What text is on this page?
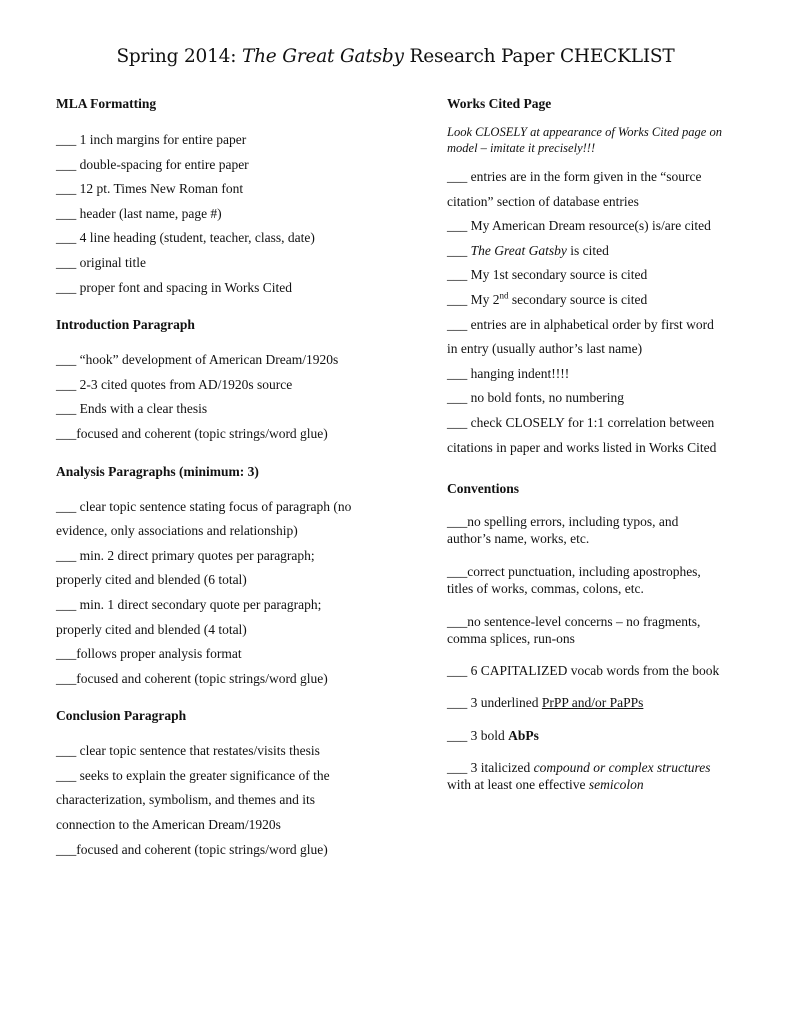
Spring 2014: The Great Gatsby Research Paper CHECKLIST

MLA Formatting

___ 1 inch margins for entire paper

___ double-spacing for entire paper

___ 12 pt. Times New Roman font

___ header (last name, page #)

___ 4 line heading (student, teacher, class, date)

___ original title

___ proper font and spacing in Works Cited

Introduction Paragraph

___ “hook” development of American Dream/1920s

___ 2-3 cited quotes from AD/1920s source

___ Ends with a clear thesis

___focused and coherent (topic strings/word glue)

Analysis Paragraphs (minimum: 3)

___ clear topic sentence stating focus of paragraph (no

evidence, only associations and relationship)

___ min. 2 direct primary quotes per paragraph;

properly cited and blended (6 total)

___ min. 1 direct secondary quote per paragraph;

properly cited and blended (4 total)

___follows proper analysis format

___focused and coherent (topic strings/word glue)

Conclusion Paragraph

___ clear topic sentence that restates/visits thesis

___ seeks to explain the greater significance of the

characterization, symbolism, and themes and its

connection to the American Dream/1920s

___focused and coherent (topic strings/word glue)

Works Cited Page

Look CLOSELY at appearance of Works Cited page on

model – imitate it precisely!!!

___ entries are in the form given in the “source

citation” section of database entries

___ My American Dream resource(s) is/are cited

___ The Great Gatsby is cited

___ My 1st secondary source is cited

___ My 2nd secondary source is cited

___ entries are in alphabetical order by first word

in entry (usually author’s last name)

___ hanging indent!!!!

___ no bold fonts, no numbering

___ check CLOSELY for 1:1 correlation between

citations in paper and works listed in Works Cited

Conventions

___no spelling errors, including typos, and

author’s name, works, etc.

___correct punctuation, including apostrophes,

titles of works, commas, colons, etc.

___no sentence-level concerns – no fragments,

comma splices, run-ons

___ 6 CAPITALIZED vocab words from the book

___ 3 underlined PrPP and/or PaPPs

___ 3 bold AbPs

___ 3 italicized compound or complex structures

with at least one effective semicolon
